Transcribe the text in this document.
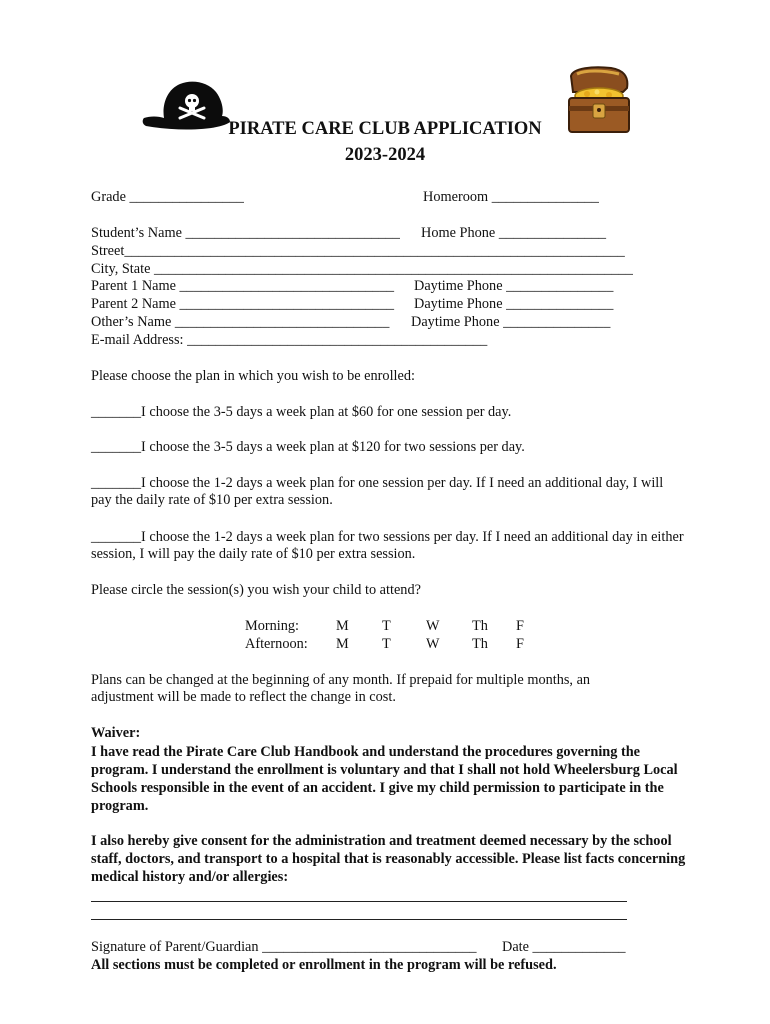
PIRATE CARE CLUB APPLICATION
2023-2024
Grade ________________	Homeroom _______________
Student’s Name ______________________________ Home Phone _______________
Street______________________________________________________________________
City, State ___________________________________________________________________
Parent 1 Name ______________________________ Daytime Phone _______________
Parent 2 Name ______________________________ Daytime Phone _______________
Other’s Name ______________________________ Daytime Phone _______________
E-mail Address: __________________________________________
Please choose the plan in which you wish to be enrolled:
_______I choose the 3-5 days a week plan at $60 for one session per day.
_______I choose the 3-5 days a week plan at $120 for two sessions per day.
_______I choose the 1-2 days a week plan for one session per day. If I need an additional day, I will pay the daily rate of $10 per extra session.
_______I choose the 1-2 days a week plan for two sessions per day. If I need an additional day in either session, I will pay the daily rate of $10 per extra session.
Please circle the session(s) you wish your child to attend?
Morning:	M T W Th F
Afternoon: M T W Th F
Plans can be changed at the beginning of any month. If prepaid for multiple months, an adjustment will be made to reflect the change in cost.
Waiver:
I have read the Pirate Care Club Handbook and understand the procedures governing the program. I understand the enrollment is voluntary and that I shall not hold Wheelersburg Local Schools responsible in the event of an accident. I give my child permission to participate in the program.
I also hereby give consent for the administration and treatment deemed necessary by the school staff, doctors, and transport to a hospital that is reasonably accessible. Please list facts concerning medical history and/or allergies:
Signature of Parent/Guardian ______________________________ Date _____________
All sections must be completed or enrollment in the program will be refused.
